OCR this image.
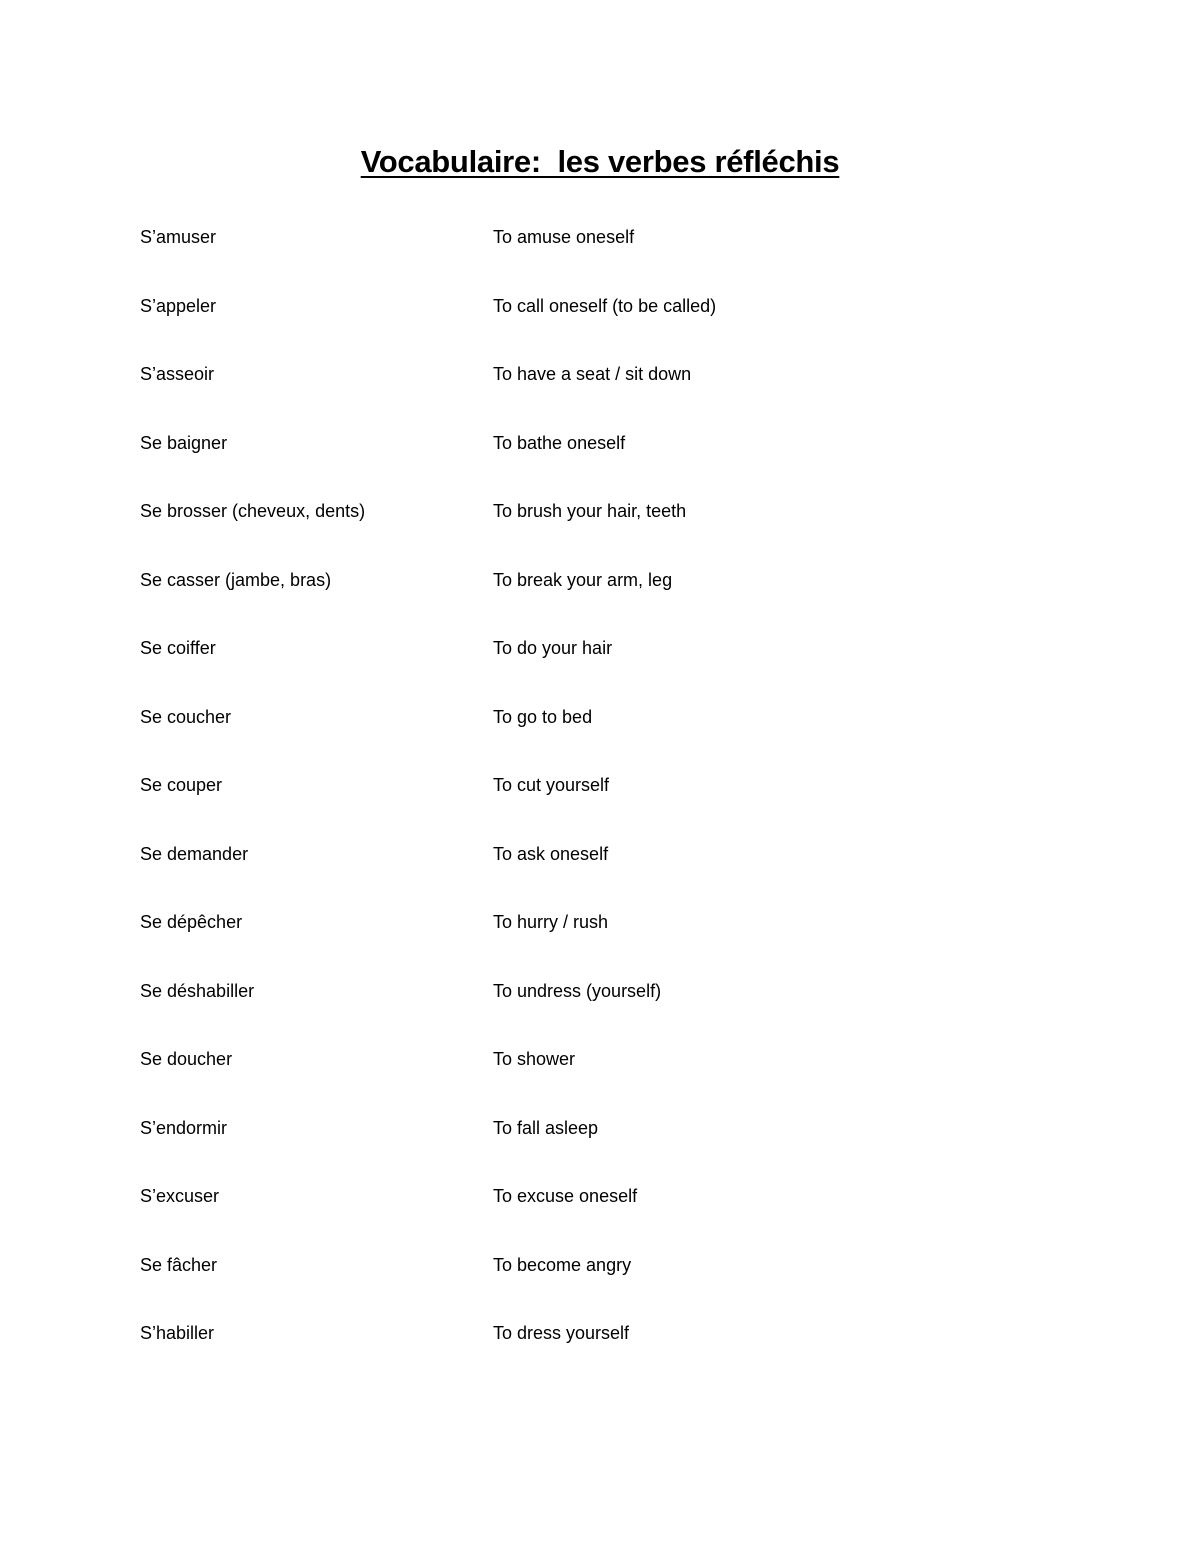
Vocabulaire:  les verbes réfléchis
S’amuser	To amuse oneself
S’appeler	To call oneself (to be called)
S’asseoir	To have a seat / sit down
Se baigner	To bathe oneself
Se brosser (cheveux, dents)	To brush your hair, teeth
Se casser (jambe, bras)	To break your arm, leg
Se coiffer	To do your hair
Se coucher	To go to bed
Se couper	To cut yourself
Se demander	To ask oneself
Se dépêcher	To hurry / rush
Se déshabiller	To undress (yourself)
Se doucher	To shower
S’endormir	To fall asleep
S’excuser	To excuse oneself
Se fâcher	To become angry
S’habiller	To dress yourself
